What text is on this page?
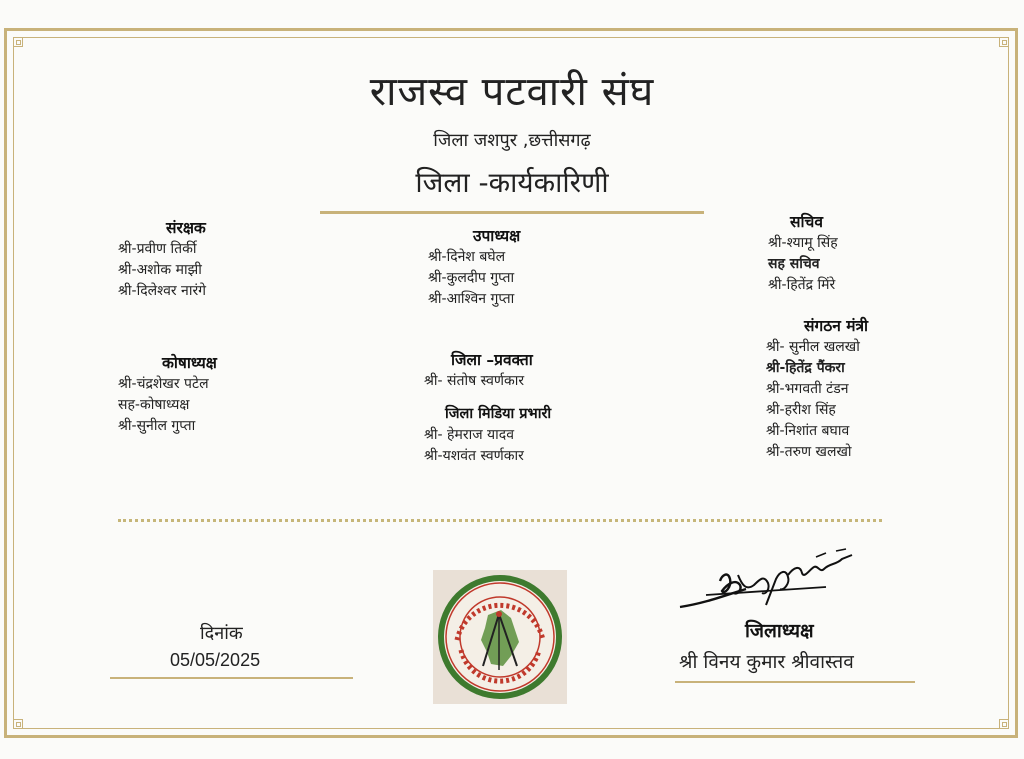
राजस्व पटवारी संघ
जिला जशपुर ,छत्तीसगढ़
जिला -कार्यकारिणी
संरक्षक
श्री-प्रवीण तिर्की
श्री-अशोक माझी
श्री-दिलेश्वर नारंगे
कोषाध्यक्ष
श्री-चंद्रशेखर पटेल
सह-कोषाध्यक्ष
श्री-सुनील गुप्ता
उपाध्यक्ष
श्री-दिनेश बघेल
श्री-कुलदीप गुप्ता
श्री-आश्विन गुप्ता
जिला –प्रवक्ता
श्री- संतोष स्वर्णकार
जिला मिडिया प्रभारी
श्री- हेमराज यादव
श्री-यशवंत स्वर्णकार
सचिव
श्री-श्यामू सिंह
सह सचिव
श्री-हितेंद्र मिंरे
संगठन मंत्री
श्री- सुनील खलखो
श्री-हितेंद्र पैंकरा
श्री-भगवती टंडन
श्री-हरीश सिंह
श्री-निशांत बघाव
श्री-तरुण खलखो
दिनांक
05/05/2025
जिलाध्यक्ष
श्री विनय कुमार श्रीवास्तव
